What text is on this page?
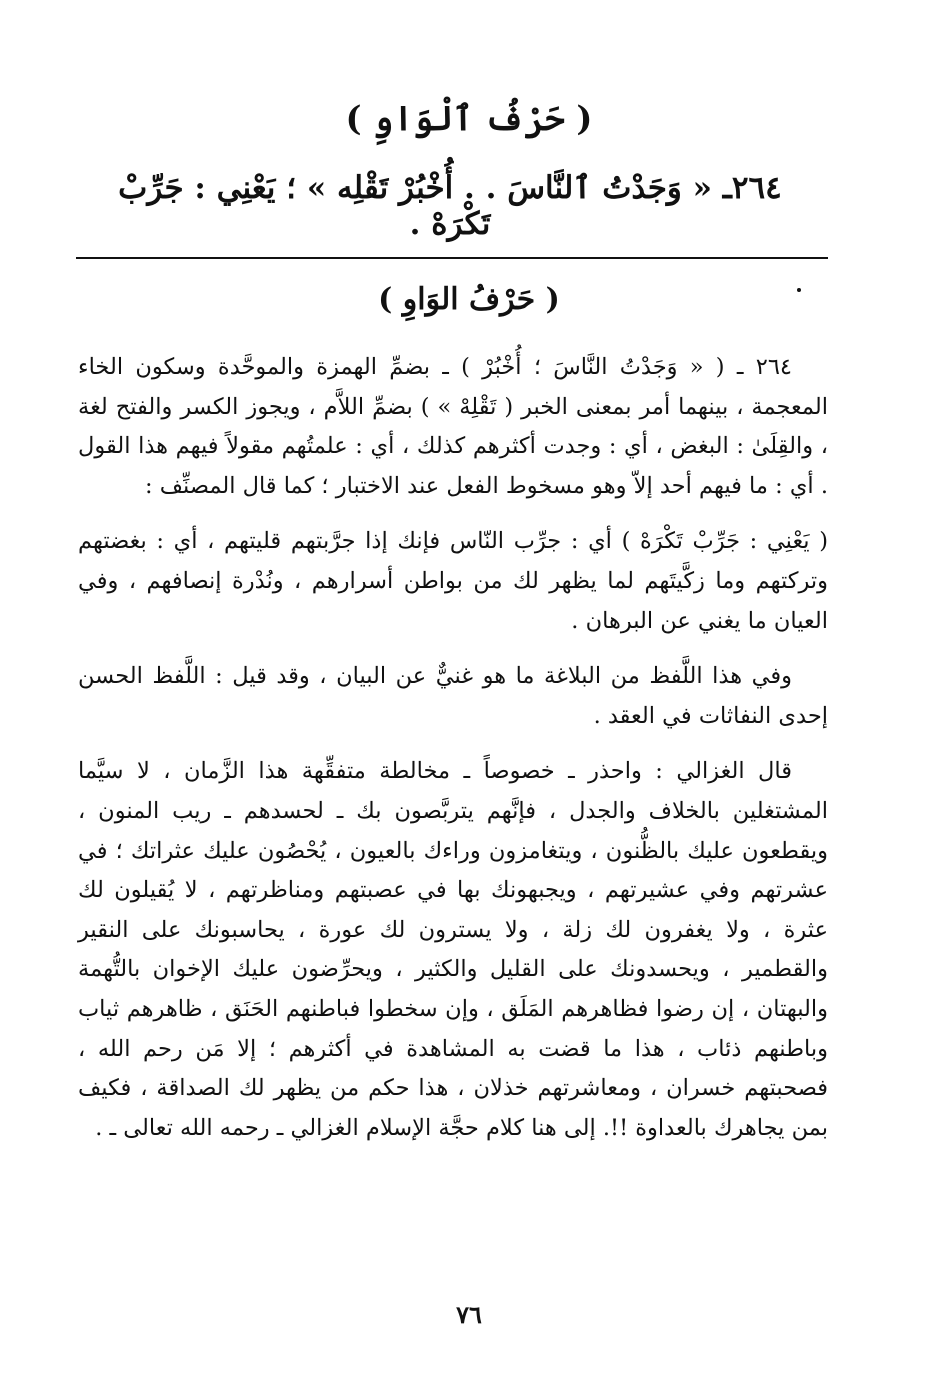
( حَرْفُ ٱلْوَاوِ )
٢٦٤ـ « وَجَدْتُ ٱلنَّاسَ . . أُخْبُرْ تَقْلِه » ؛ يَعْنِي : جَرِّبْ تَكْرَهْ .
( حَرْفُ الوَاوِ )

٢٦٤ ـ ( « وَجَدْتُ النَّاسَ ؛ أُخْبُرْ ) ـ بضمِّ الهمزة والموحَّدة وسكون الخاء المعجمة ، بينهما أمر بمعنى الخبر ( تَقْلِهْ » ) بضمِّ اللاَّم ، ويجوز الكسر والفتح لغة ، والقِلَىٰ : البغض ، أي : وجدت أكثرهم كذلك ، أي : علمتُهم مقولاً فيهم هذا القول . أي : ما فيهم أحد إلاّ وهو مسخوط الفعل عند الاختبار ؛ كما قال المصنِّف :

( يَعْنِي : جَرِّبْ تَكْرَهْ ) أي : جرِّب النّاس فإنك إذا جرَّبتهم قليتهم ، أي : بغضتهم وتركتهم وما زكَّيتَهم لما يظهر لك من بواطن أسرارهم ، ونُدْرة إنصافهم ، وفي العيان ما يغني عن البرهان .

وفي هذا اللَّفظ من البلاغة ما هو غنيٌّ عن البيان ، وقد قيل : اللَّفظ الحسن إحدى النفاثات في العقد .

قال الغزالي : واحذر ـ خصوصاً ـ مخالطة متفقِّهة هذا الزَّمان ، لا سيَّما المشتغلين بالخلاف والجدل ، فإنَّهم يتربَّصون بك ـ لحسدهم ـ ريب المنون ، ويقطعون عليك بالظُّنون ، ويتغامزون وراءك بالعيون ، يُحْصُون عليك عثراتك ؛ في عشرتهم وفي عشيرتهم ، ويجبهونك بها في عصبتهم ومناظرتهم ، لا يُقيلون لك عثرة ، ولا يغفرون لك زلة ، ولا يسترون لك عورة ، يحاسبونك على النقير والقطمير ، ويحسدونك على القليل والكثير ، ويحرِّضون عليك الإخوان بالتُّهمة والبهتان ، إن رضوا فظاهرهم المَلَق ، وإن سخطوا فباطنهم الحَنَق ، ظاهرهم ثياب وباطنهم ذئاب ، هذا ما قضت به المشاهدة في أكثرهم ؛ إلا مَن رحم الله ، فصحبتهم خسران ، ومعاشرتهم خذلان ، هذا حكم من يظهر لك الصداقة ، فكيف بمن يجاهرك بالعداوة !!. إلى هنا كلام حجَّة الإسلام الغزالي ـ رحمه الله تعالى ـ .

٧٦
